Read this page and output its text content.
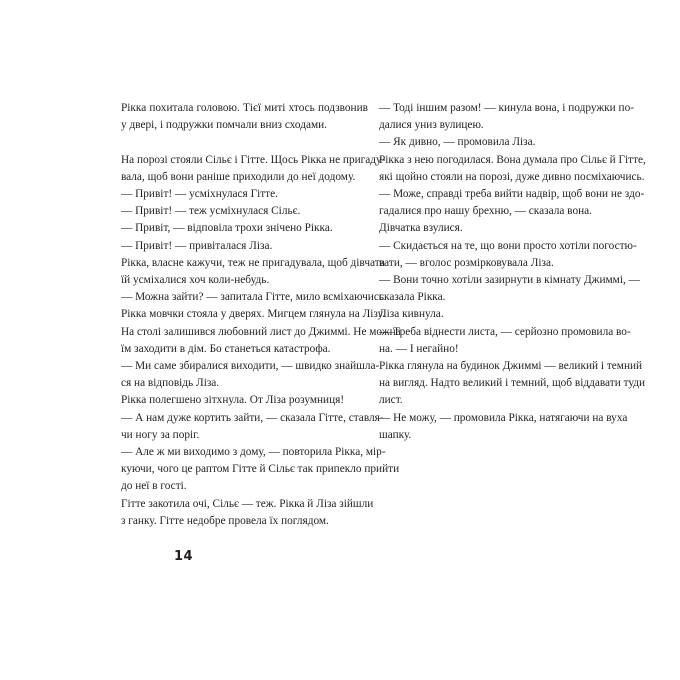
Рікка похитала головою. Тієї миті хтось подзвонив

у двері, і подружки помчали вниз сходами.

На порозі стояли Сільє і Гітте. Щось Рікка не пригаду-

вала, щоб вони раніше приходили до неї додому.

— Привіт! — усміхнулася Гітте.

— Привіт! — теж усміхнулася Сільє.

— Привіт, — відповіла трохи знічено Рікка.

— Привіт! — привіталася Ліза.

Рікка, власне кажучи, теж не пригадувала, щоб дівчата

їй усміхалися хоч коли-небудь.

— Можна зайти? — запитала Гітте, мило всміхаючись.

Рікка мовчки стояла у дверях. Мигцем глянула на Лізу.

На столі залишився любовний лист до Джиммі. Не можна

їм заходити в дім. Бо станеться катастрофа.

— Ми саме збиралися виходити, — швидко знайшла-

ся на відповідь Ліза.

Рікка полегшено зітхнула. От Ліза розумниця!

— А нам дуже кортить зайти, — сказала Гітте, ставля-

чи ногу за поріг.

— Але ж ми виходимо з дому, — повторила Рікка, мір-

куючи, чого це раптом Гітте й Сільє так припекло прийти

до неї в гості.

Гітте закотила очі, Сільє — теж. Рікка й Ліза зійшли

з ганку. Гітте недобре провела їх поглядом.

14

— Тоді іншим разом! — кинула вона, і подружки по-

далися униз вулицею.

— Як дивно, — промовила Ліза.

Рікка з нею погодилася. Вона думала про Сільє й Гітте,

які щойно стояли на порозі, дуже дивно посміхаючись.

— Може, справді треба вийти надвір, щоб вони не здо-

гадалися про нашу брехню, — сказала вона.

Дівчатка взулися.

— Скидається на те, що вони просто хотіли погостю-

вати, — вголос розмірковувала Ліза.

— Вони точно хотіли зазирнути в кімнату Джиммі, —

сказала Рікка.

Ліза кивнула.

— Треба віднести листа, — серйозно промовила во-

на. — І негайно!

Рікка глянула на будинок Джиммі — великий і темний

на вигляд. Надто великий і темний, щоб віддавати туди

лист.

— Не можу, — промовила Рікка, натягаючи на вуха

шапку.
